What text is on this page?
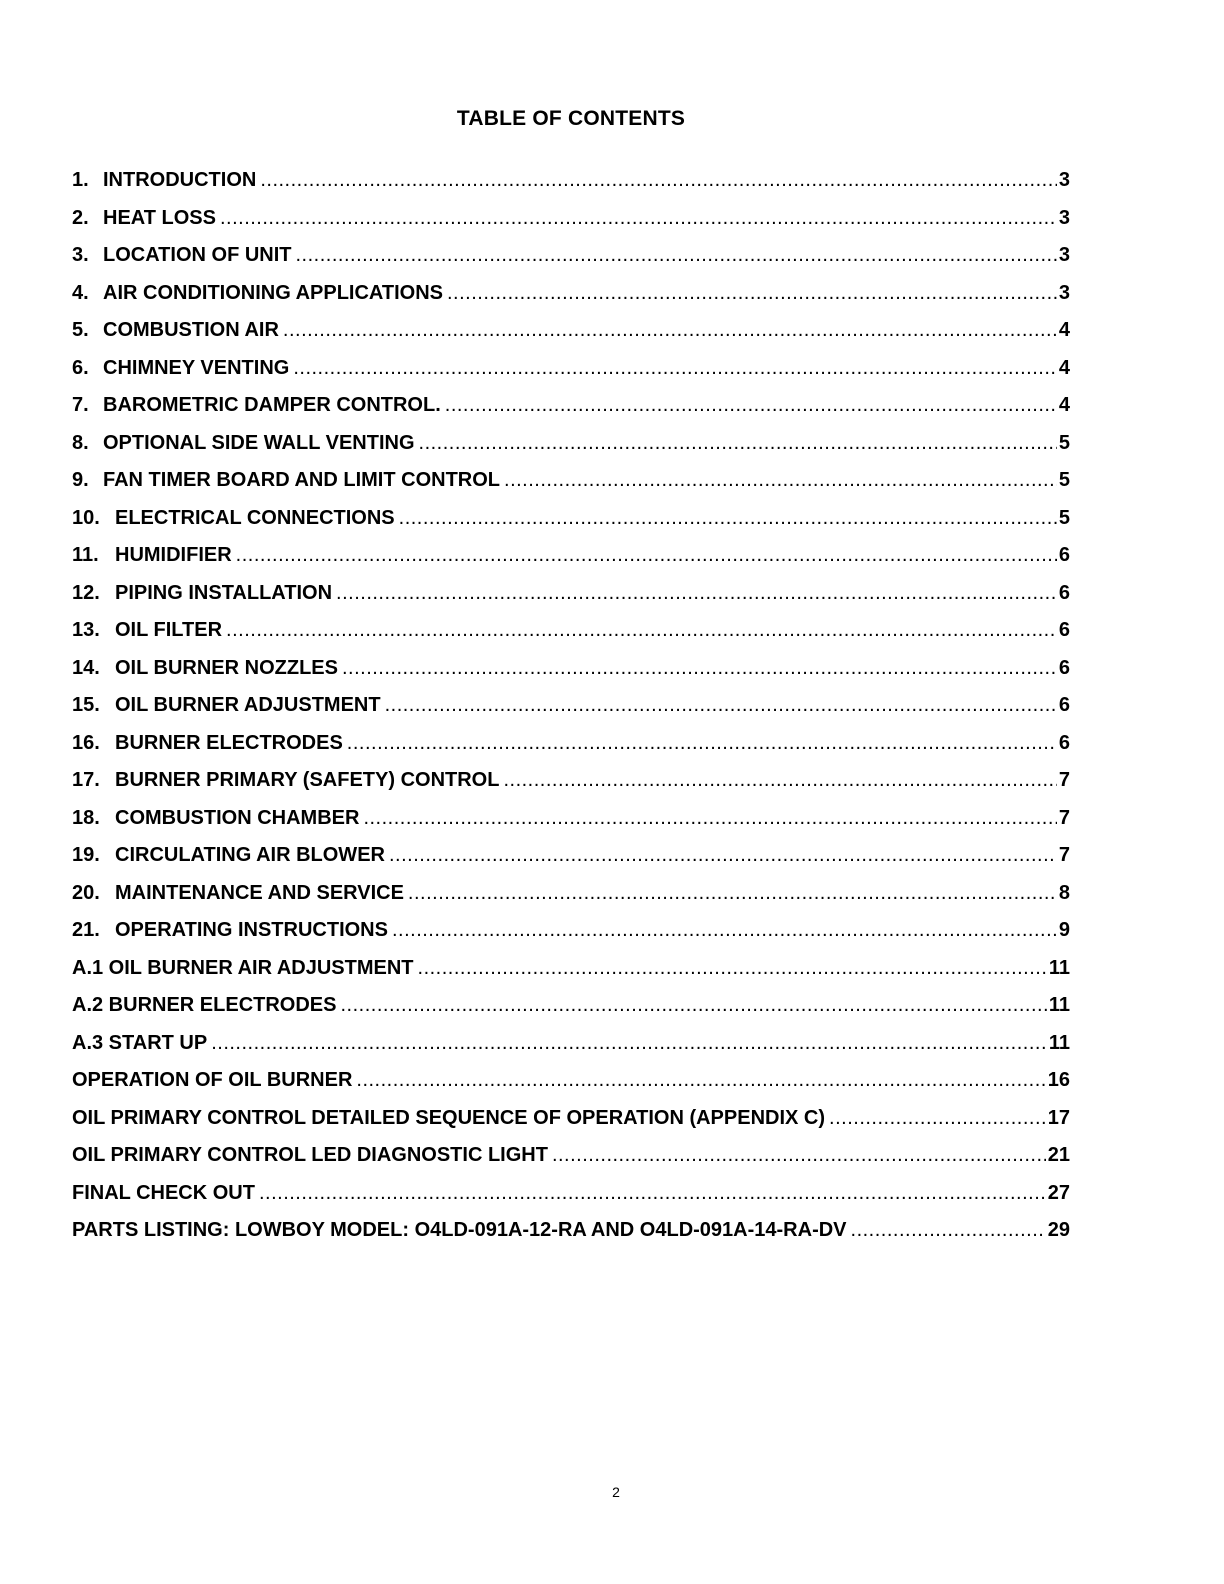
TABLE OF CONTENTS
1. INTRODUCTION .....	3
2. HEAT LOSS .....	3
3. LOCATION OF UNIT .....	3
4. AIR CONDITIONING APPLICATIONS .....	3
5. COMBUSTION AIR .....	4
6. CHIMNEY VENTING .....	4
7. BAROMETRIC DAMPER CONTROL. .....	4
8. OPTIONAL SIDE WALL VENTING .....	5
9. FAN TIMER BOARD AND LIMIT CONTROL .....	5
10. ELECTRICAL CONNECTIONS .....	5
11. HUMIDIFIER .....	6
12. PIPING INSTALLATION .....	6
13. OIL FILTER .....	6
14. OIL BURNER NOZZLES .....	6
15. OIL BURNER ADJUSTMENT .....	6
16. BURNER ELECTRODES .....	6
17. BURNER PRIMARY (SAFETY) CONTROL .....	7
18. COMBUSTION CHAMBER .....	7
19. CIRCULATING AIR BLOWER .....	7
20. MAINTENANCE AND SERVICE .....	8
21. OPERATING INSTRUCTIONS .....	9
A.1 OIL BURNER AIR ADJUSTMENT .....	11
A.2 BURNER ELECTRODES .....	11
A.3 START UP .....	11
OPERATION OF OIL BURNER .....	16
OIL PRIMARY CONTROL DETAILED SEQUENCE OF OPERATION (APPENDIX C) .....	17
OIL PRIMARY CONTROL LED DIAGNOSTIC LIGHT .....	21
FINAL CHECK OUT .....	27
PARTS LISTING: LOWBOY MODEL: O4LD-091A-12-RA AND O4LD-091A-14-RA-DV .....	29
2
